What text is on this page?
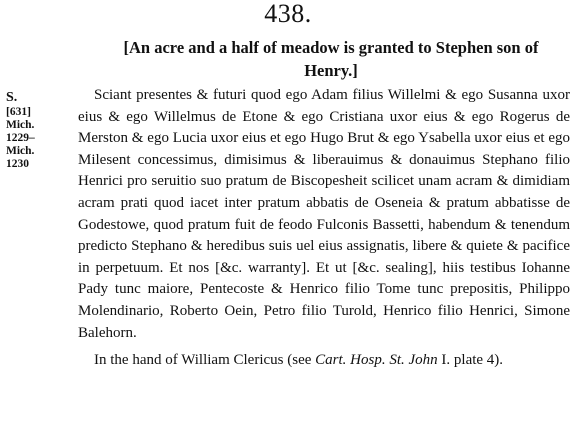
438.
[An acre and a half of meadow is granted to Stephen son of Henry.]
S.
[631]
Mich.
1229–
Mich.
1230

Sciant presentes & futuri quod ego Adam filius Willelmi & ego Susanna uxor eius & ego Willelmus de Etone & ego Cristiana uxor eius & ego Rogerus de Merston & ego Lucia uxor eius et ego Hugo Brut & ego Ysabella uxor eius et ego Milesent concessimus, dimisimus & liberauimus & donauimus Stephano filio Henrici pro seruitio suo pratum de Biscopesheit scilicet unam acram & dimidiam acram prati quod iacet inter pratum abbatis de Oseneia & pratum abbatisse de Godestowe, quod pratum fuit de feodo Fulconis Bassetti, habendum & tenendum predicto Stephano & heredibus suis uel eius assignatis, libere & quiete & pacifice in perpetuum. Et nos [&c. warranty]. Et ut [&c. sealing], hiis testibus Iohanne Pady tunc maiore, Pentecoste & Henrico filio Tome tunc prepositis, Philippo Molendinario, Roberto Oein, Petro filio Turold, Henrico filio Henrici, Simone Balehorn.

In the hand of William Clericus (see Cart. Hosp. St. John I. plate 4).
